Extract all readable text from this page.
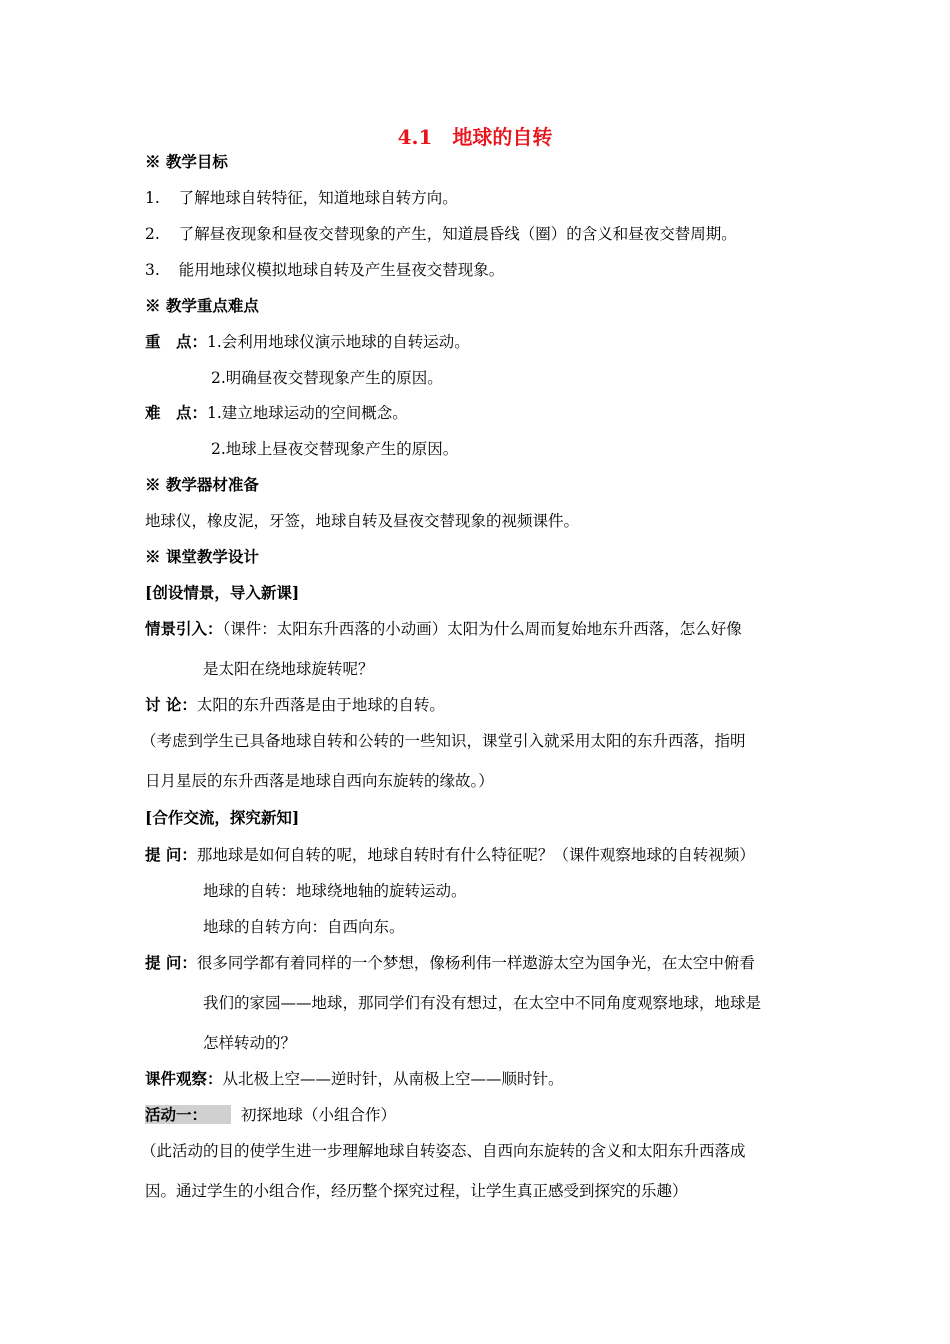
4.1　地球的自转
※ 教学目标
1. 了解地球自转特征，知道地球自转方向。
2. 了解昼夜现象和昼夜交替现象的产生，知道晨昏线（圈）的含义和昼夜交替周期。
3. 能用地球仪模拟地球自转及产生昼夜交替现象。
※ 教学重点难点
重　点：1.会利用地球仪演示地球的自转运动。
2.明确昼夜交替现象产生的原因。
难　点：1.建立地球运动的空间概念。
2.地球上昼夜交替现象产生的原因。
※ 教学器材准备
地球仪，橡皮泥，牙签，地球自转及昼夜交替现象的视频课件。
※ 课堂教学设计
[创设情景，导入新课]
情景引入：（课件：太阳东升西落的小动画）太阳为什么周而复始地东升西落，怎么好像
是太阳在绕地球旋转呢？
讨 论：太阳的东升西落是由于地球的自转。
（考虑到学生已具备地球自转和公转的一些知识，课堂引入就采用太阳的东升西落，指明
日月星辰的东升西落是地球自西向东旋转的缘故。）
[合作交流，探究新知]
提 问：那地球是如何自转的呢，地球自转时有什么特征呢？（课件观察地球的自转视频）
地球的自转：地球绕地轴的旋转运动。
地球的自转方向：自西向东。
提 问：很多同学都有着同样的一个梦想，像杨利伟一样遨游太空为国争光，在太空中俯看
我们的家园——地球，那同学们有没有想过，在太空中不同角度观察地球，地球是
怎样转动的？
课件观察：从北极上空——逆时针，从南极上空——顺时针。
活动一： 初探地球（小组合作）
（此活动的目的使学生进一步理解地球自转姿态、自西向东旋转的含义和太阳东升西落成
因。通过学生的小组合作，经历整个探究过程，让学生真正感受到探究的乐趣）
